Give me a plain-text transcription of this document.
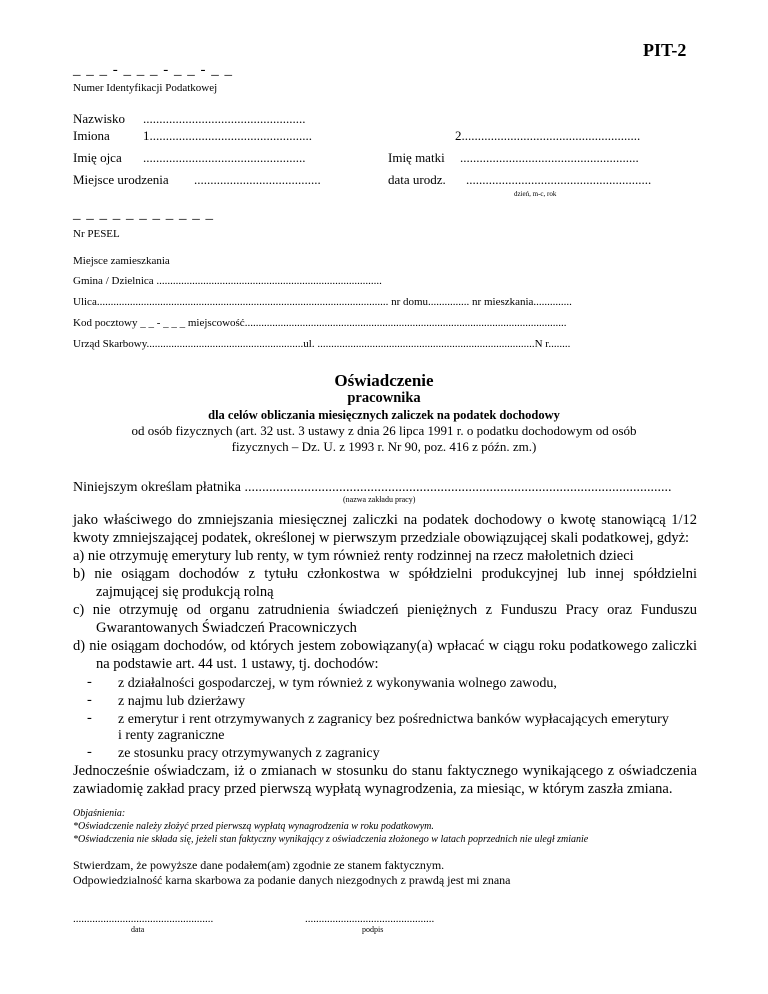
PIT-2
_ _ _ - _ _ _ - _ _ - _ _
Numer Identyfikacji Podatkowej
Nazwisko ..................................................
Imiona	1..................................................	2.......................................................
Imię ojca ..................................................	Imię matki .......................................................
Miejsce urodzenia .......................................	data urodz. .........................................................
dzień, m-c, rok
_ _ _ _ _ _ _ _ _ _ _
Nr PESEL
Miejsce zamieszkania
Gmina / Dzielnica ..................................................................................
Ulica.......................................................................................................... nr domu............... nr mieszkania..............
Kod pocztowy _ _ - _ _ _ miejscowość.....................................................................................................................
Urząd Skarbowy.........................................................ul. ...............................................................................N r........
Oświadczenie
pracownika
dla celów obliczania miesięcznych zaliczek na podatek dochodowy
od osób fizycznych (art. 32 ust. 3 ustawy z dnia 26 lipca 1991 r. o podatku dochodowym od osób
fizycznych – Dz. U. z 1993 r. Nr 90, poz. 416 z późn. zm.)
Niniejszym określam płatnika ..........................................................................................................................
(nazwa zakładu pracy)
jako właściwego do zmniejszania miesięcznej zaliczki na podatek dochodowy o kwotę stanowiącą 1/12
kwoty zmniejszającej podatek, określonej w pierwszym przedziale obowiązującej skali podatkowej, gdyż:
a) nie otrzymuję emerytury lub renty, w tym również renty rodzinnej na rzecz małoletnich dzieci
b) nie osiągam dochodów z tytułu członkostwa w spółdzielni produkcyjnej lub innej spółdzielni
zajmującej się produkcją rolną
c) nie otrzymuję od organu zatrudnienia świadczeń pieniężnych z Funduszu Pracy oraz Funduszu
Gwarantowanych Świadczeń Pracowniczych
d) nie osiągam dochodów, od których jestem zobowiązany(a) wpłacać w ciągu roku podatkowego zaliczki
na podstawie art. 44 ust. 1 ustawy, tj. dochodów:
- z działalności gospodarczej, w tym również z wykonywania wolnego zawodu,
- z najmu lub dzierżawy
- z emerytur i rent otrzymywanych z zagranicy bez pośrednictwa banków wypłacających emerytury
i renty zagraniczne
- ze stosunku pracy otrzymywanych z zagranicy
Jednocześnie oświadczam, iż o zmianach w stosunku do stanu faktycznego wynikającego z oświadczenia
zawiadomię zakład pracy przed pierwszą wypłatą wynagrodzenia, za miesiąc, w którym zaszła zmiana.
Objaśnienia:
*Oświadczenie należy złożyć przed pierwszą wypłatą wynagrodzenia w roku podatkowym.
*Oświadczenia nie składa się, jeżeli stan faktyczny wynikający z oświadczenia złożonego w latach poprzednich nie uległ zmianie
Stwierdzam, że powyższe dane podałem(am) zgodnie ze stanem faktycznym.
Odpowiedzialność karna skarbowa za podanie danych niezgodnych z prawdą jest mi znana
...................................................
data
...............................................
podpis
